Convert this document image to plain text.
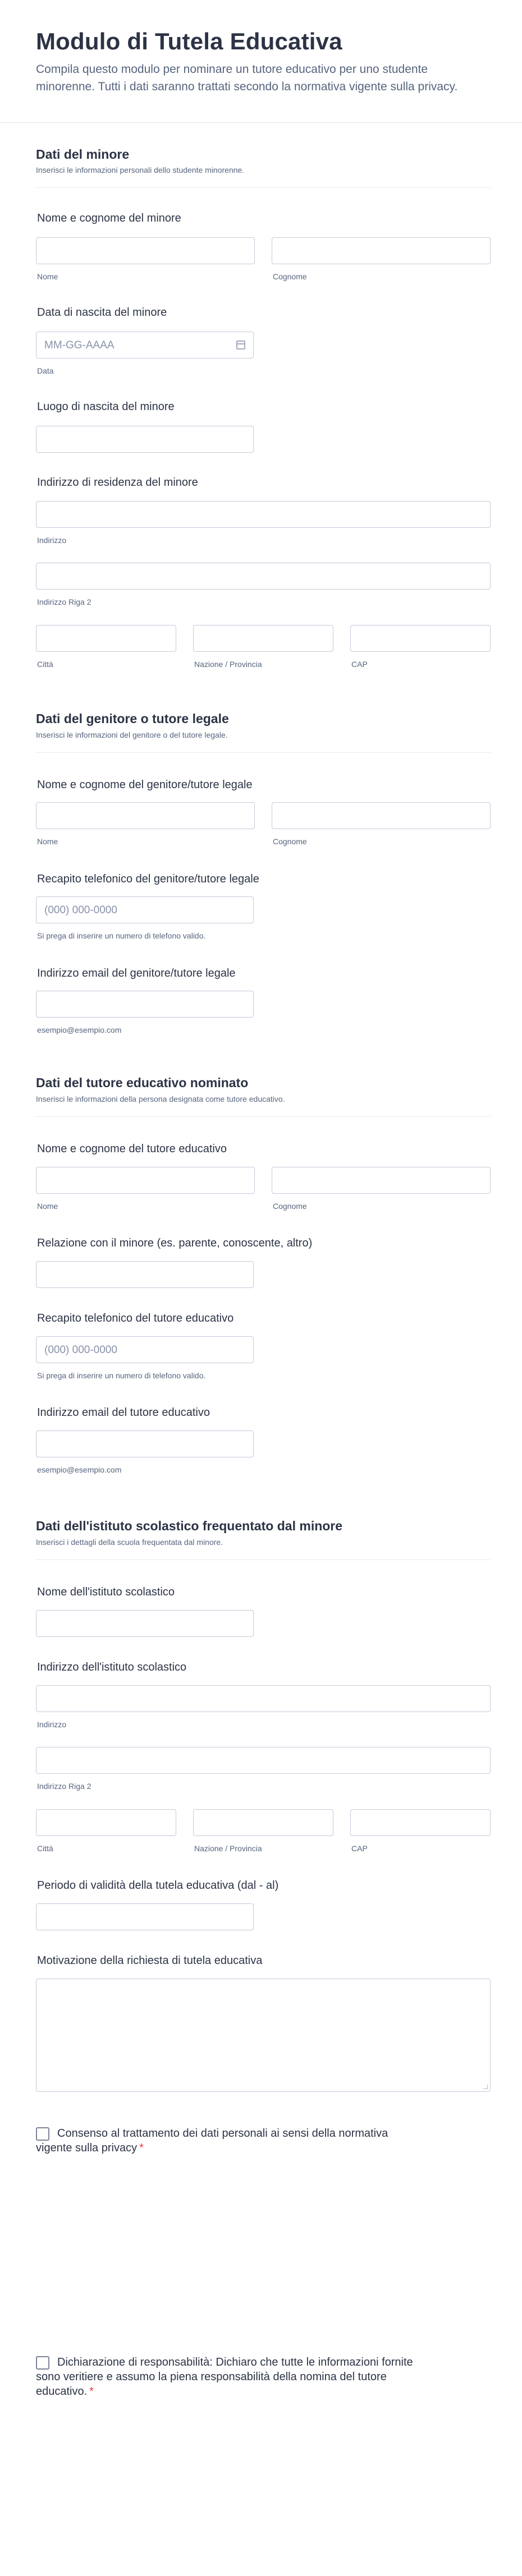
Modulo di Tutela Educativa
Compila questo modulo per nominare un tutore educativo per uno studente minorenne. Tutti i dati saranno trattati secondo la normativa vigente sulla privacy.
Dati del minore
Inserisci le informazioni personali dello studente minorenne.
Nome e cognome del minore
Nome	Cognome
Data di nascita del minore
MM-GG-AAAA
Data
Luogo di nascita del minore
Indirizzo di residenza del minore
Indirizzo
Indirizzo Riga 2
Città	Nazione / Provincia	CAP
Dati del genitore o tutore legale
Inserisci le informazioni del genitore o del tutore legale.
Nome e cognome del genitore/tutore legale
Nome	Cognome
Recapito telefonico del genitore/tutore legale
(000) 000-0000
Si prega di inserire un numero di telefono valido.
Indirizzo email del genitore/tutore legale
esempio@esempio.com
Dati del tutore educativo nominato
Inserisci le informazioni della persona designata come tutore educativo.
Nome e cognome del tutore educativo
Nome	Cognome
Relazione con il minore (es. parente, conoscente, altro)
Recapito telefonico del tutore educativo
(000) 000-0000
Si prega di inserire un numero di telefono valido.
Indirizzo email del tutore educativo
esempio@esempio.com
Dati dell'istituto scolastico frequentato dal minore
Inserisci i dettagli della scuola frequentata dal minore.
Nome dell'istituto scolastico
Indirizzo dell'istituto scolastico
Indirizzo
Indirizzo Riga 2
Città	Nazione / Provincia	CAP
Periodo di validità della tutela educativa (dal - al)
Motivazione della richiesta di tutela educativa
Consenso al trattamento dei dati personali ai sensi della normativa
vigente sulla privacy *
Dichiarazione di responsabilità: Dichiaro che tutte le informazioni fornite
sono veritiere e assumo la piena responsabilità della nomina del tutore
educativo. *
